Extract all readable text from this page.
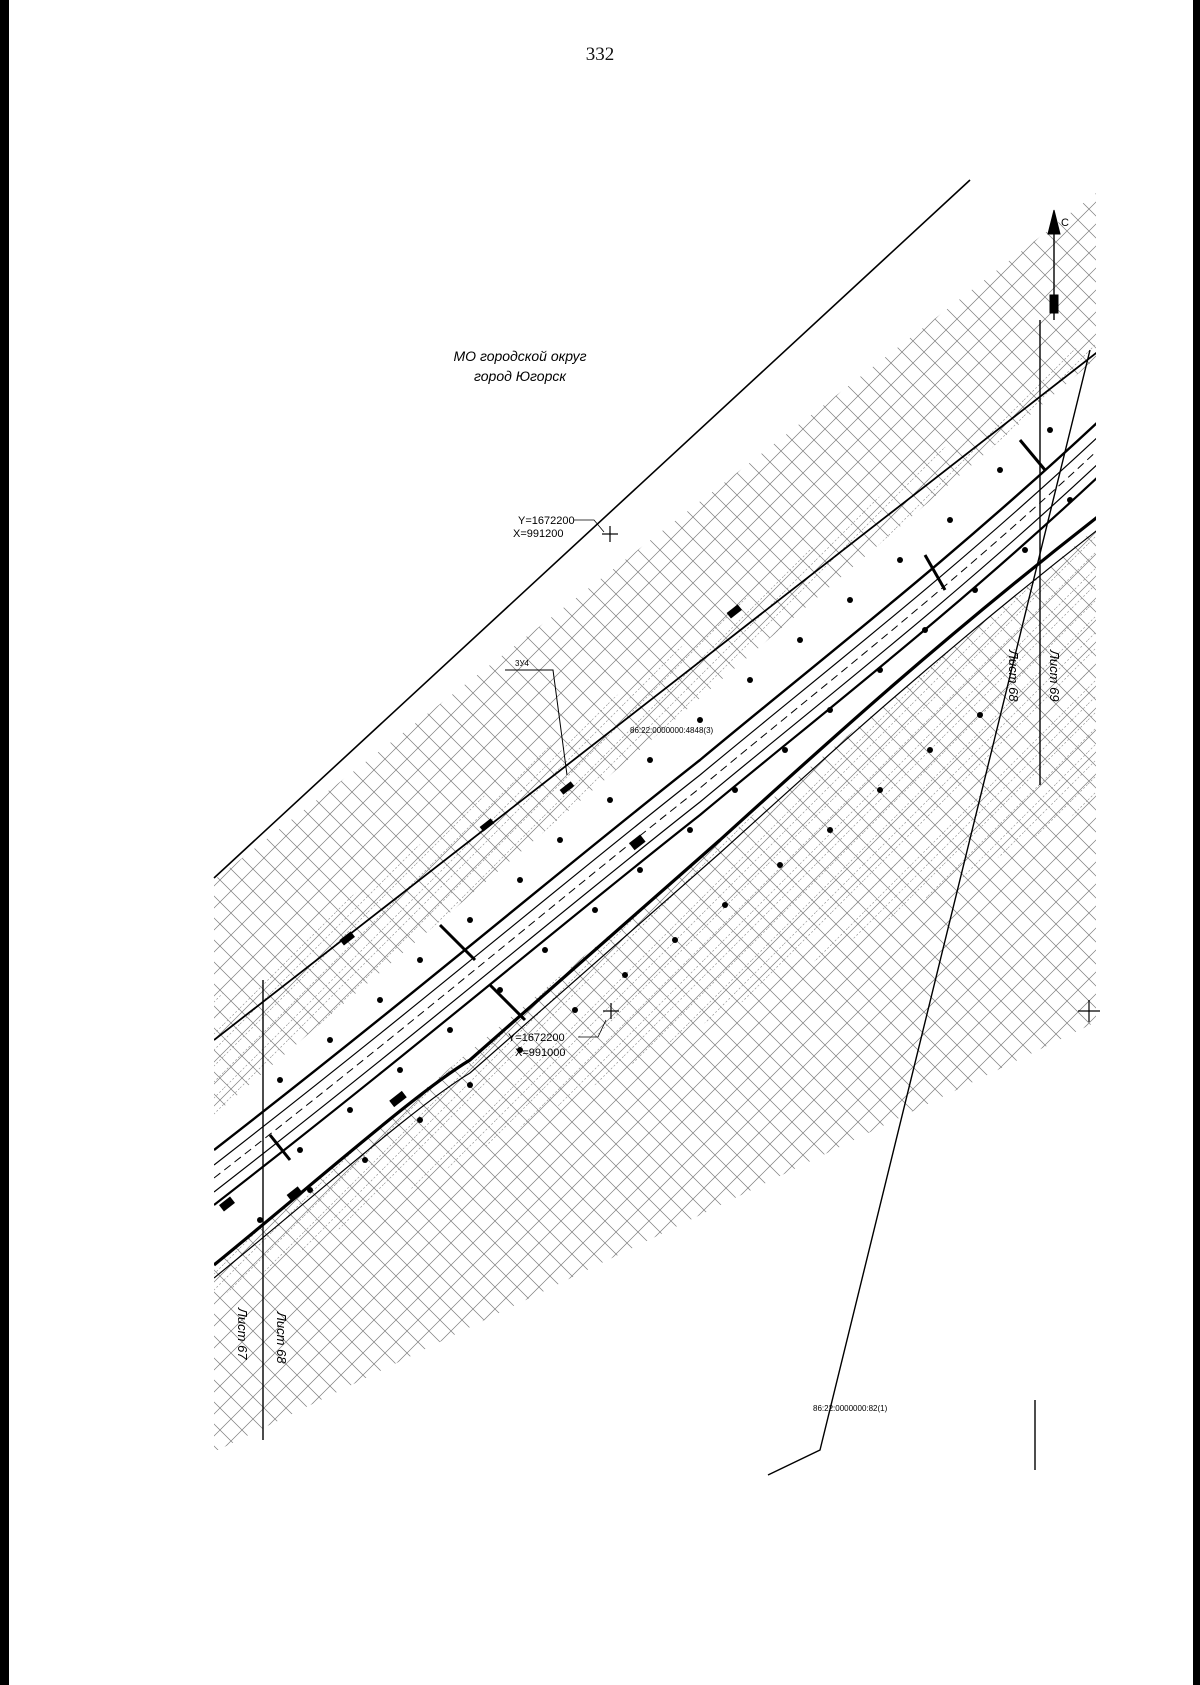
332
С
МО городской округ
город Югорск
Y=1672200
X=991200
Y=1672200
X=991000
3У4
86:22:0000000:4848(3)
86:22:0000000:82(1)
Лист 67 Лист 68
Лист 68 Лист 69
